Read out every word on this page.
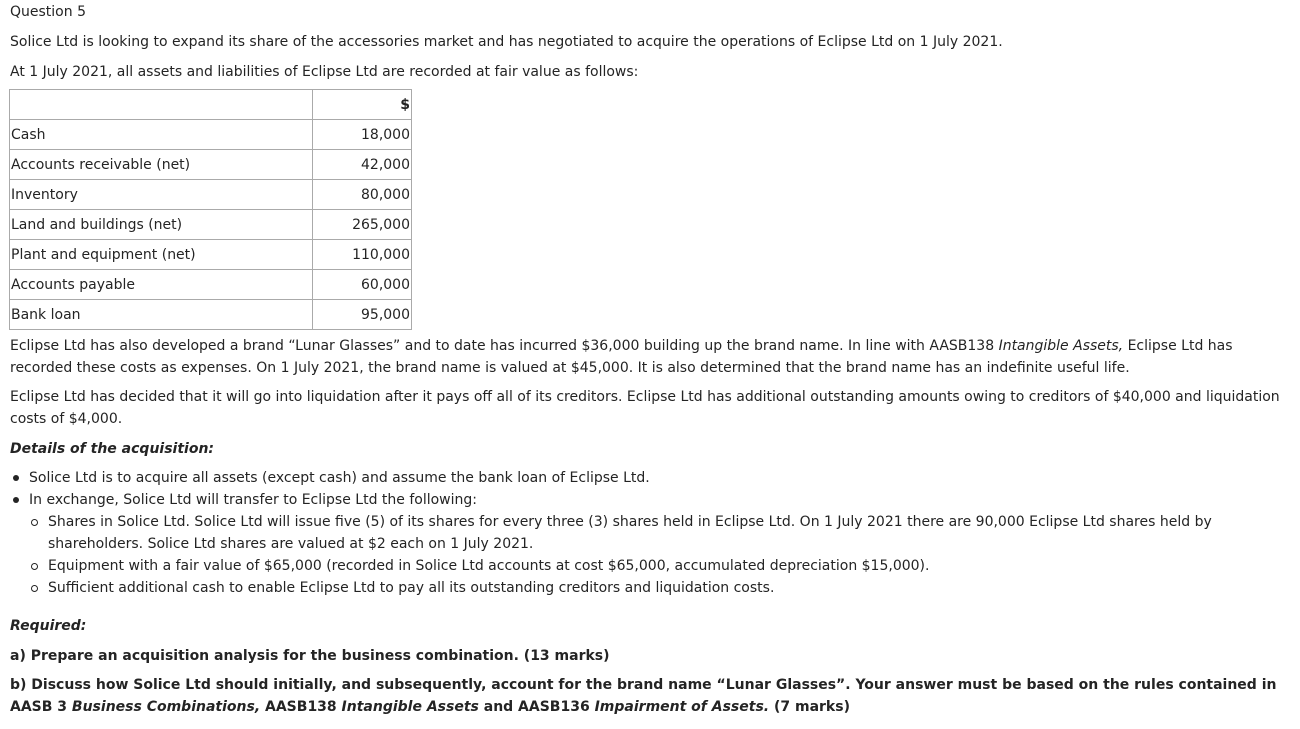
Question 5
Solice Ltd is looking to expand its share of the accessories market and has negotiated to acquire the operations of Eclipse Ltd on 1 July 2021.
At 1 July 2021, all assets and liabilities of Eclipse Ltd are recorded at fair value as follows:
	$
Cash	18,000
Accounts receivable (net)	42,000
Inventory	80,000
Land and buildings (net)	265,000
Plant and equipment (net)	110,000
Accounts payable	60,000
Bank loan	95,000
Eclipse Ltd has also developed a brand “Lunar Glasses” and to date has incurred $36,000 building up the brand name. In line with AASB138 Intangible Assets, Eclipse Ltd has recorded these costs as expenses. On 1 July 2021, the brand name is valued at $45,000. It is also determined that the brand name has an indefinite useful life.
Eclipse Ltd has decided that it will go into liquidation after it pays off all of its creditors. Eclipse Ltd has additional outstanding amounts owing to creditors of $40,000 and liquidation costs of $4,000.
Details of the acquisition:
Solice Ltd is to acquire all assets (except cash) and assume the bank loan of Eclipse Ltd.
In exchange, Solice Ltd will transfer to Eclipse Ltd the following:
Shares in Solice Ltd. Solice Ltd will issue five (5) of its shares for every three (3) shares held in Eclipse Ltd. On 1 July 2021 there are 90,000 Eclipse Ltd shares held by shareholders. Solice Ltd shares are valued at $2 each on 1 July 2021.
Equipment with a fair value of $65,000 (recorded in Solice Ltd accounts at cost $65,000, accumulated depreciation $15,000).
Sufficient additional cash to enable Eclipse Ltd to pay all its outstanding creditors and liquidation costs.
Required:
a) Prepare an acquisition analysis for the business combination. (13 marks)
b) Discuss how Solice Ltd should initially, and subsequently, account for the brand name “Lunar Glasses”. Your answer must be based on the rules contained in AASB 3 Business Combinations, AASB138 Intangible Assets and AASB136 Impairment of Assets. (7 marks)
